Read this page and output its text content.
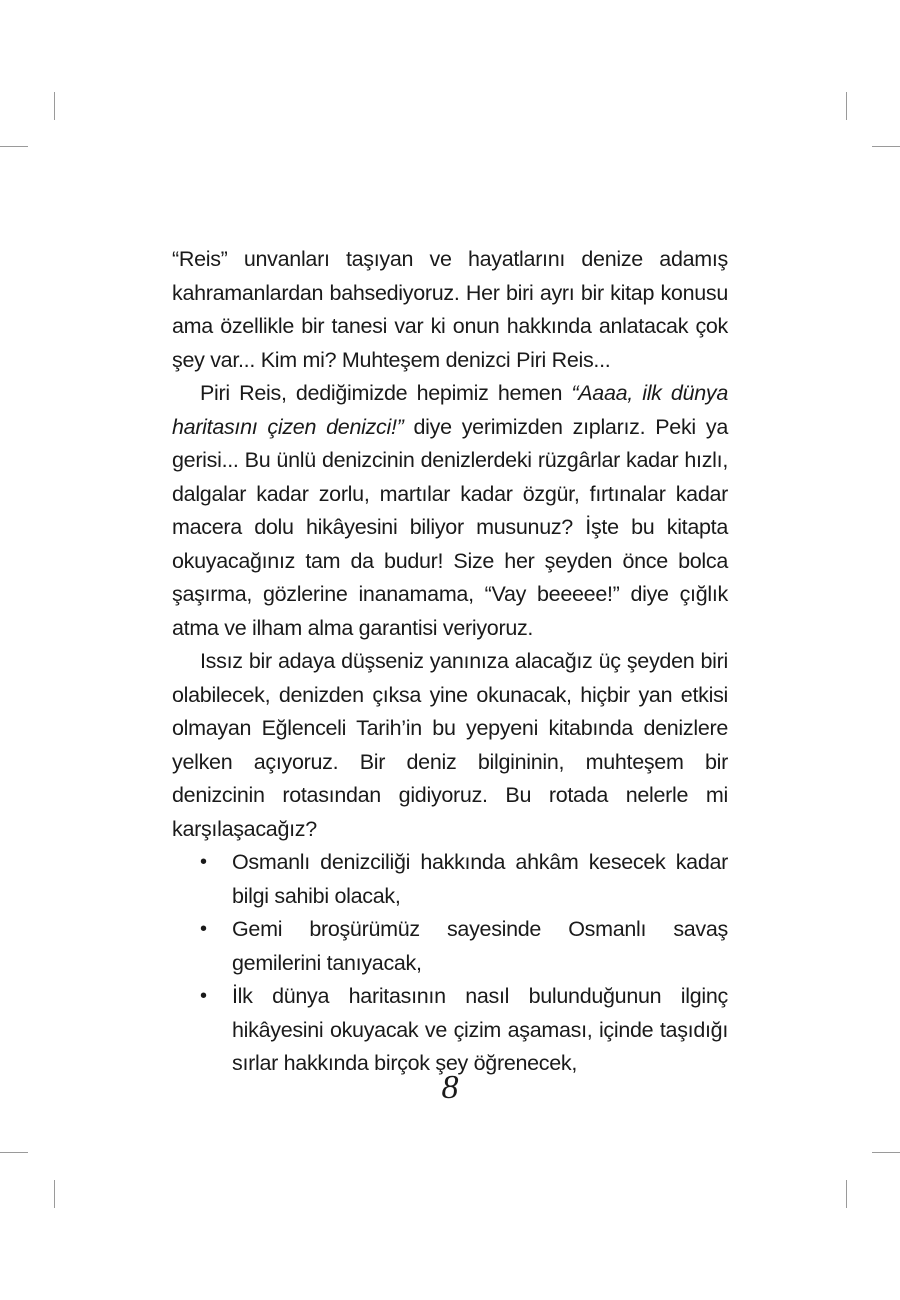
“Reis” unvanları taşıyan ve hayatlarını denize adamış kahramanlardan bahsediyoruz. Her biri ayrı bir kitap konusu ama özellikle bir tanesi var ki onun hakkında anlatacak çok şey var... Kim mi? Muhteşem denizci Piri Reis...

Piri Reis, dediğimizde hepimiz hemen “Aaaa, ilk dünya haritasını çizen denizci!” diye yerimizden zıplarız. Peki ya gerisi... Bu ünlü denizcinin denizlerdeki rüzgârlar kadar hızlı, dalgalar kadar zorlu, martılar kadar özgür, fırtınalar kadar macera dolu hikâyesini biliyor musunuz? İşte bu kitapta okuyacağınız tam da budur! Size her şeyden önce bolca şaşırma, gözlerine inanamama, “Vay beeeee!” diye çığlık atma ve ilham alma garantisi veriyoruz.

Issız bir adaya düşseniz yanınıza alacağız üç şeyden biri olabilecek, denizden çıksa yine okunacak, hiçbir yan etkisi olmayan Eğlenceli Tarih’in bu yepyeni kitabında denizlere yelken açıyoruz. Bir deniz bilgininin, muhteşem bir denizcinin rotasından gidiyoruz. Bu rotada nelerle mi karşılaşacağız?

• Osmanlı denizciliği hakkında ahkâm kesecek kadar bilgi sahibi olacak,
• Gemi broşürümüz sayesinde Osmanlı savaş gemilerini tanıyacak,
• İlk dünya haritasının nasıl bulunduğunun ilginç hikâyesini okuyacak ve çizim aşaması, içinde taşıdığı sırlar hakkında birçok şey öğrenecek,
8
